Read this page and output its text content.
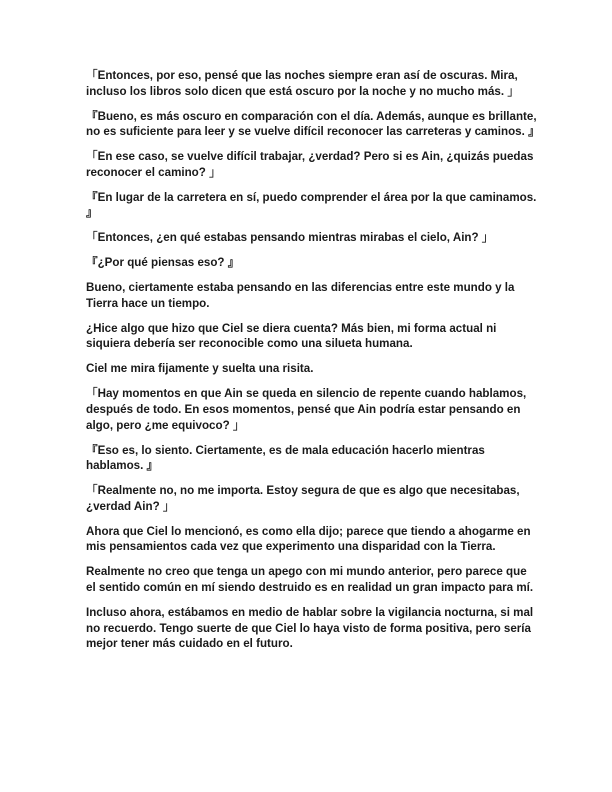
「Entonces, por eso, pensé que las noches siempre eran así de oscuras. Mira, incluso los libros solo dicen que está oscuro por la noche y no mucho más. 」

『Bueno, es más oscuro en comparación con el día. Además, aunque es brillante, no es suficiente para leer y se vuelve difícil reconocer las carreteras y caminos. 』

「En ese caso, se vuelve difícil trabajar, ¿verdad? Pero si es Ain, ¿quizás puedas reconocer el camino? 」

『En lugar de la carretera en sí, puedo comprender el área por la que caminamos. 』

「Entonces, ¿en qué estabas pensando mientras mirabas el cielo, Ain? 」

『¿Por qué piensas eso? 』

Bueno, ciertamente estaba pensando en las diferencias entre este mundo y la Tierra hace un tiempo.

¿Hice algo que hizo que Ciel se diera cuenta? Más bien, mi forma actual ni siquiera debería ser reconocible como una silueta humana.

Ciel me mira fijamente y suelta una risita.

「Hay momentos en que Ain se queda en silencio de repente cuando hablamos, después de todo. En esos momentos, pensé que Ain podría estar pensando en algo, pero ¿me equivoco? 」

『Eso es, lo siento. Ciertamente, es de mala educación hacerlo mientras hablamos. 』

「Realmente no, no me importa. Estoy segura de que es algo que necesitabas, ¿verdad Ain? 」

Ahora que Ciel lo mencionó, es como ella dijo; parece que tiendo a ahogarme en mis pensamientos cada vez que experimento una disparidad con la Tierra.

Realmente no creo que tenga un apego con mi mundo anterior, pero parece que el sentido común en mí siendo destruido es en realidad un gran impacto para mí.

Incluso ahora, estábamos en medio de hablar sobre la vigilancia nocturna, si mal no recuerdo. Tengo suerte de que Ciel lo haya visto de forma positiva, pero sería mejor tener más cuidado en el futuro.
